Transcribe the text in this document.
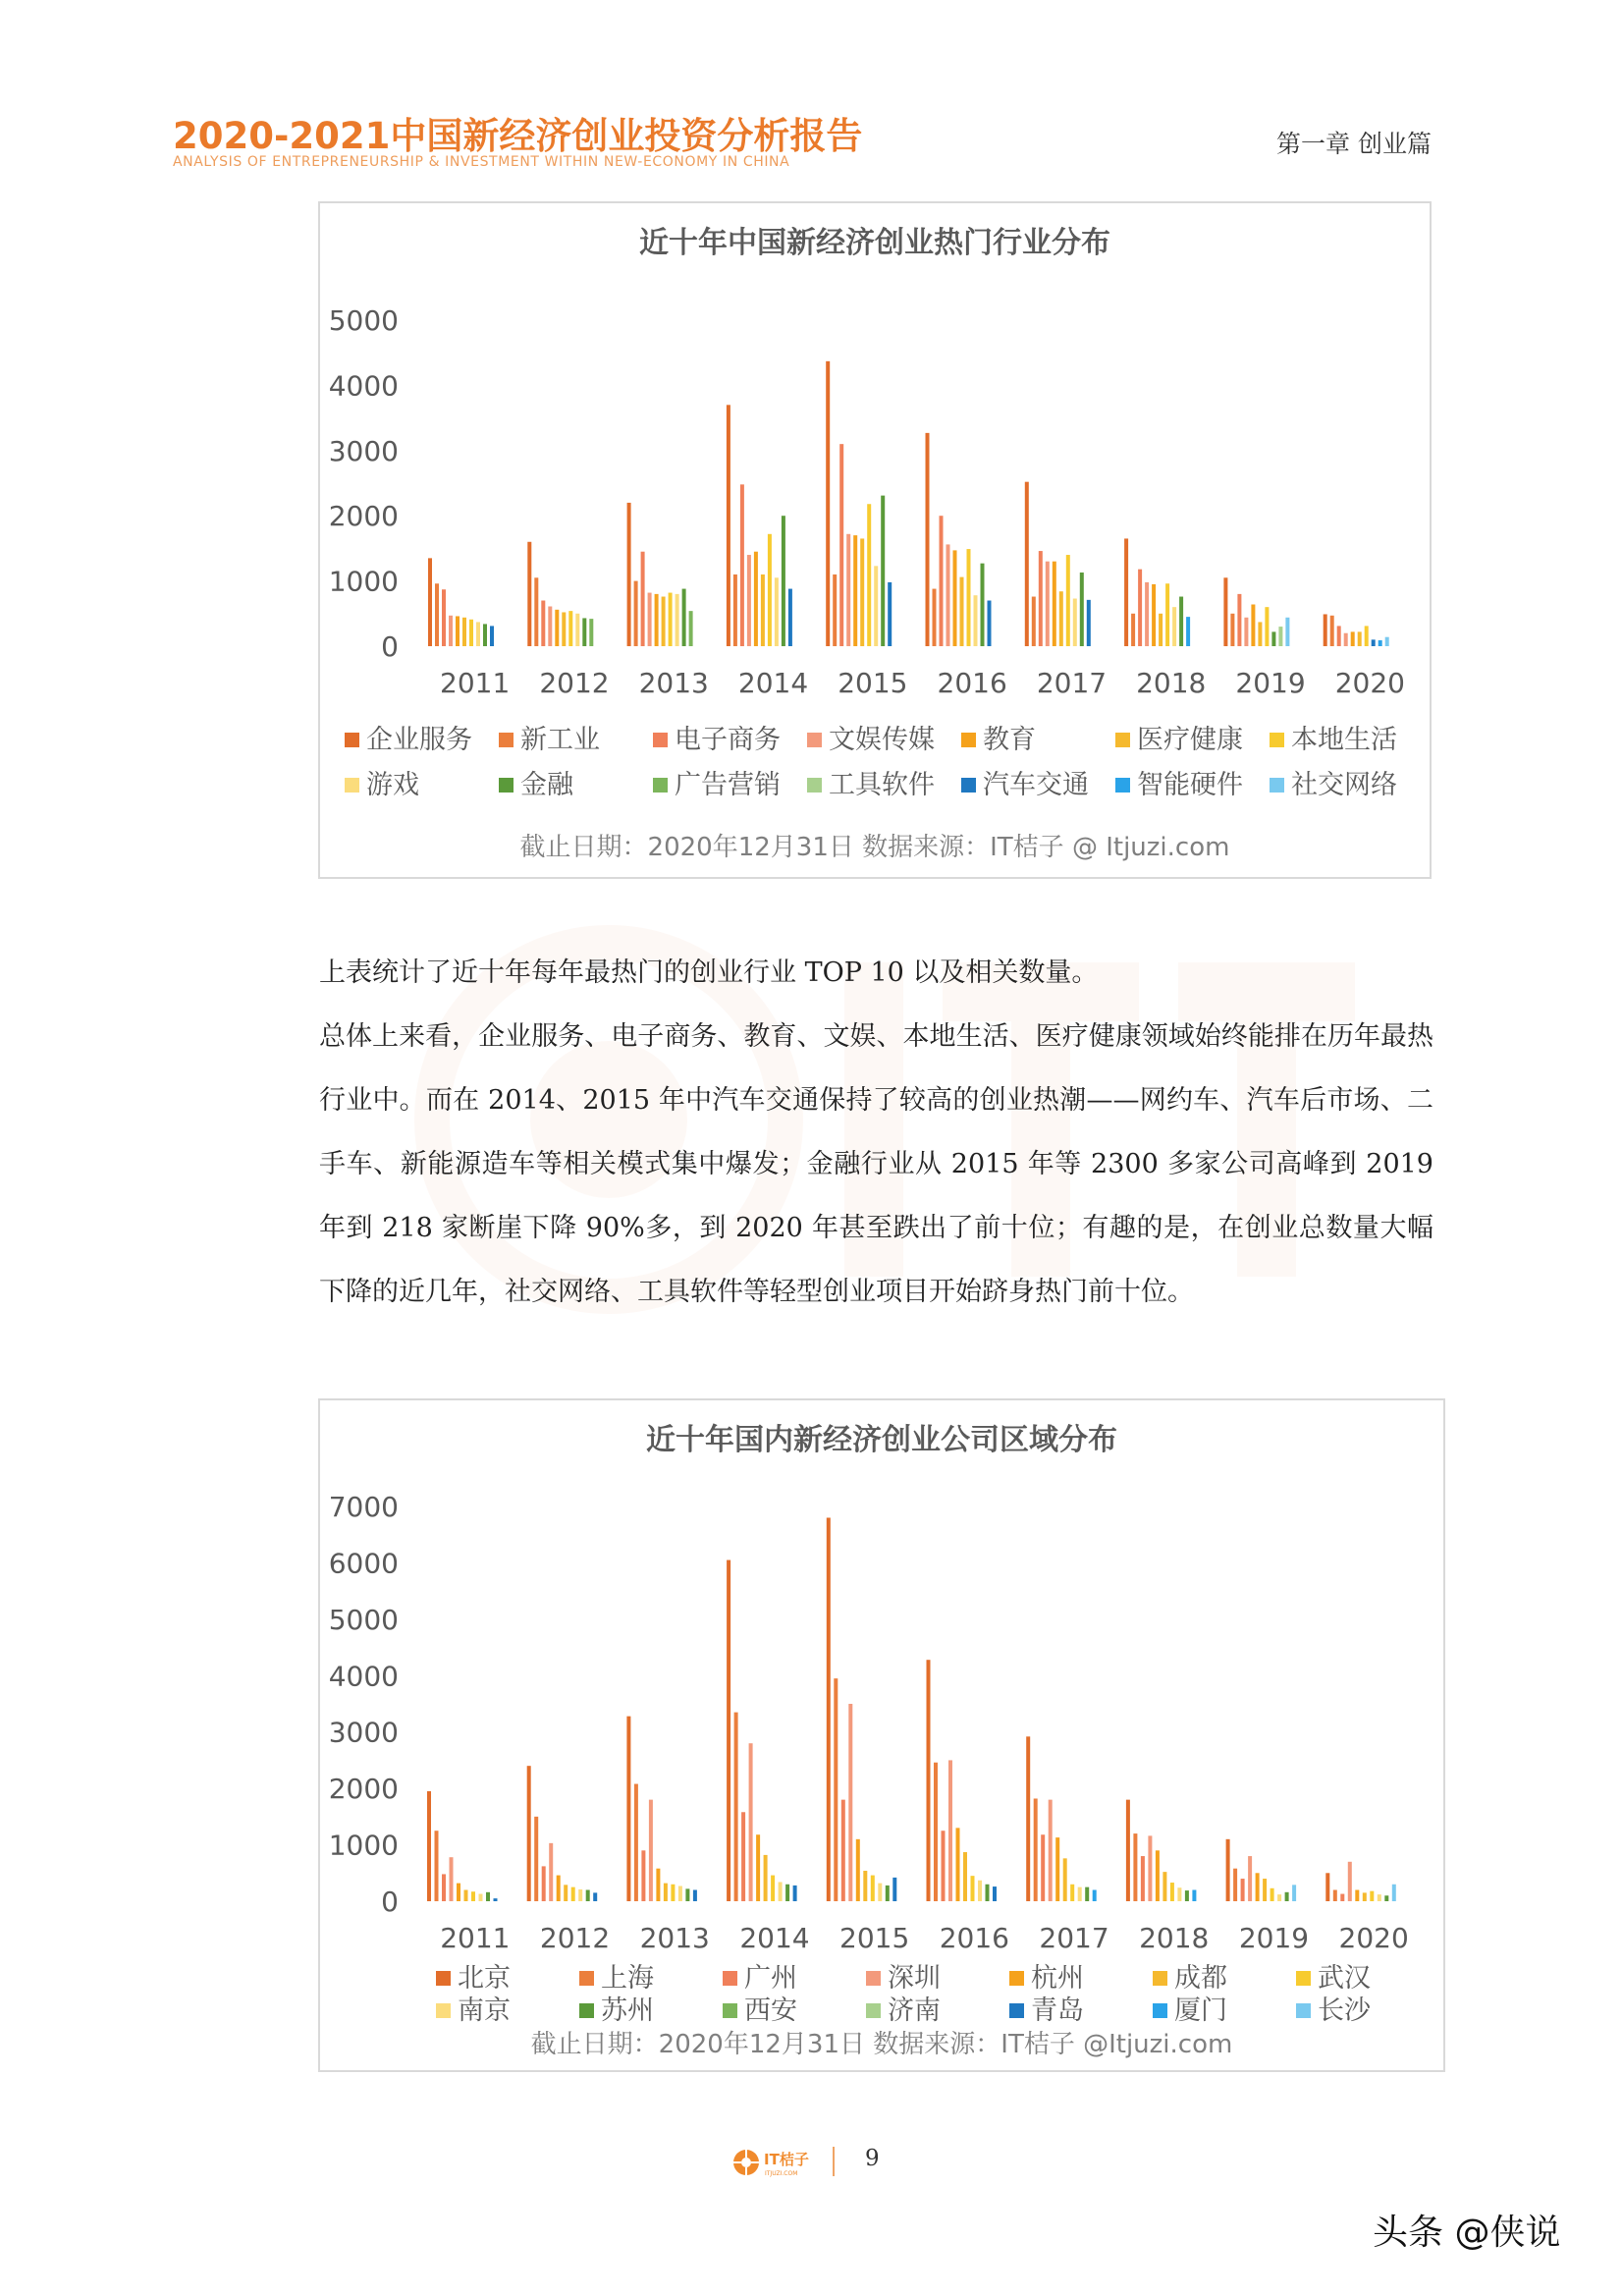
2020-2021中国新经济创业投资分析报告
ANALYSIS OF ENTREPRENEURSHIP & INVESTMENT WITHIN NEW-ECONOMY IN CHINA
第一章 创业篇
近十年中国新经济创业热门行业分布
0
1000
2000
3000
4000
5000
2011 2012 2013 2014 2015 2016 2017 2018 2019 2020
企业服务 新工业	电子商务 文娱传媒 教育	医疗健康 本地生活
游戏	金融	广告营销 工具软件 汽车交通 智能硬件 社交网络
截止日期：2020年12月31日 数据来源：IT桔子 @ Itjuzi.com

上表统计了近十年每年最热门的创业行业 TOP 10 以及相关数量。

总体上来看，企业服务、电子商务、教育、文娱、本地生活、医疗健康领域始终能排在历年最热行业中。而在 2014、2015 年中汽车交通保持了较高的创业热潮——网约车、汽车后市场、二手车、新能源造车等相关模式集中爆发；金融行业从 2015 年等 2300 多家公司高峰到 2019 年到 218 家断崖下降 90%多，到 2020 年甚至跌出了前十位；有趣的是，在创业总数量大幅下降的近几年，社交网络、工具软件等轻型创业项目开始跻身热门前十位。

近十年国内新经济创业公司区域分布
0
1000
2000
3000
4000
5000
6000
7000
2011 2012 2013 2014 2015 2016 2017 2018 2019 2020
北京	上海	广州	深圳	杭州	成都	武汉
南京	苏州	西安	济南	青岛	厦门	长沙
截止日期：2020年12月31日 数据来源：IT桔子 @Itjuzi.com
IT桔子
ITJUZI.COM
9
头条 @侠说
